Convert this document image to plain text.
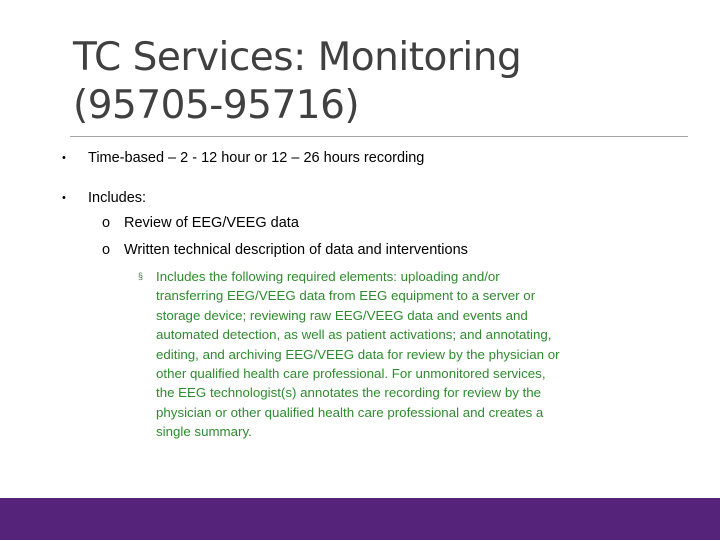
TC Services: Monitoring
(95705-95716)
• Time-based – 2 - 12 hour or 12 – 26 hours recording
• Includes:
o Review of EEG/VEEG data
o Written technical description of data and interventions
§ Includes the following required elements: uploading and/or
transferring EEG/VEEG data from EEG equipment to a server or
storage device; reviewing raw EEG/VEEG data and events and
automated detection, as well as patient activations; and annotating,
editing, and archiving EEG/VEEG data for review by the physician or
other qualified health care professional. For unmonitored services,
the EEG technologist(s) annotates the recording for review by the
physician or other qualified health care professional and creates a
single summary.
